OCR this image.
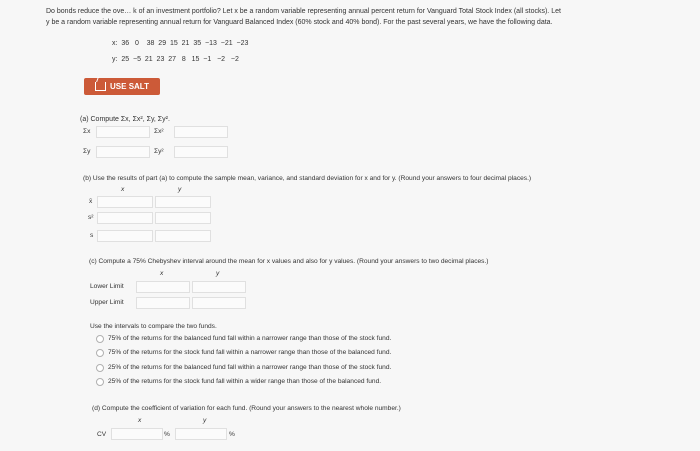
Do bonds reduce the ove… k of an investment portfolio? Let x be a random variable representing annual percent return for Vanguard Total Stock Index (all stocks). Let
y be a random variable representing annual return for Vanguard Balanced Index (60% stock and 40% bond). For the past several years, we have the following data.
x:  36   0    38  29  15  21  35  −13  −21  −23
y:  25  −5  21  23  27   8   15  −1   −2   −2
USE SALT
(a) Compute Σx, Σx², Σy, Σy².
Σx	Σx²
Σy	Σy²
(b) Use the results of part (a) to compute the sample mean, variance, and standard deviation for x and for y. (Round your answers to four decimal places.)
x	y
x̄
s²
s
(c) Compute a 75% Chebyshev interval around the mean for x values and also for y values. (Round your answers to two decimal places.)
x	y
Lower Limit
Upper Limit
Use the intervals to compare the two funds.
75% of the returns for the balanced fund fall within a narrower range than those of the stock fund.
75% of the returns for the stock fund fall within a narrower range than those of the balanced fund.
25% of the returns for the balanced fund fall within a narrower range than those of the stock fund.
25% of the returns for the stock fund fall within a wider range than those of the balanced fund.
(d) Compute the coefficient of variation for each fund. (Round your answers to the nearest whole number.)
x	y
CV	%	%
